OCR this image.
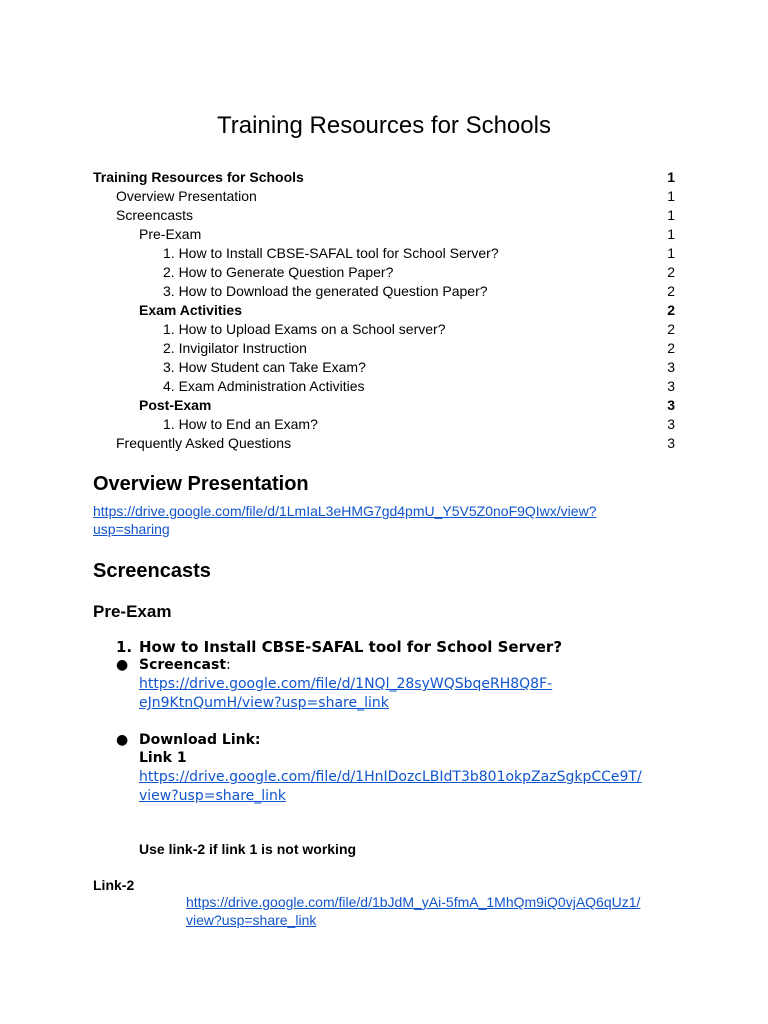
Training Resources for Schools
Training Resources for Schools	1
Overview Presentation	1
Screencasts	1
Pre-Exam	1
1. How to Install CBSE-SAFAL tool for School Server?	1
2. How to Generate Question Paper?	2
3. How to Download the generated Question Paper?	2
Exam Activities	2
1. How to Upload Exams on a School server?	2
2. Invigilator Instruction	2
3. How Student can Take Exam?	3
4. Exam Administration Activities	3
Post-Exam	3
1. How to End an Exam?	3
Frequently Asked Questions	3
Overview Presentation
https://drive.google.com/file/d/1LmIaL3eHMG7gd4pmU_Y5V5Z0noF9QIwx/view?
usp=sharing
Screencasts
Pre-Exam
1. How to Install CBSE-SAFAL tool for School Server?
● Screencast:
https://drive.google.com/file/d/1NQl_28syWQSbqeRH8Q8F-
eJn9KtnQumH/view?usp=share_link
● Download Link:
Link 1
https://drive.google.com/file/d/1HnIDozcLBIdT3b801okpZazSgkpCCe9T/
view?usp=share_link
Use link-2 if link 1 is not working
Link-2
https://drive.google.com/file/d/1bJdM_yAi-5fmA_1MhQm9iQ0vjAQ6qUz1/
view?usp=share_link
